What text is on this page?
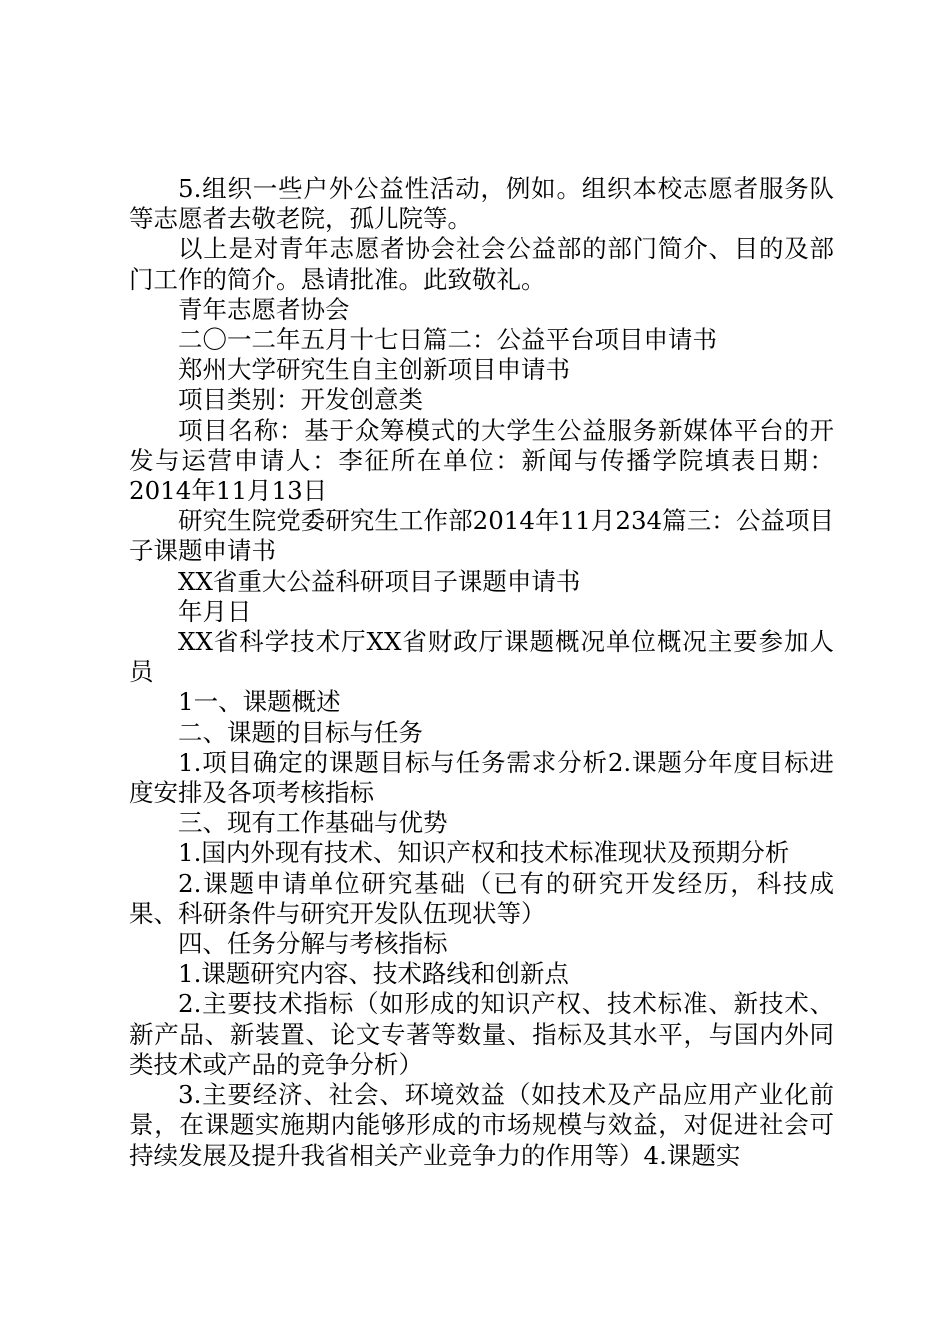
5.组织一些户外公益性活动，例如。组织本校志愿者服务队等志愿者去敬老院，孤儿院等。

以上是对青年志愿者协会社会公益部的部门简介、目的及部门工作的简介。恳请批准。此致敬礼。

青年志愿者协会

二〇一二年五月十七日篇二：公益平台项目申请书

郑州大学研究生自主创新项目申请书

项目类别：开发创意类

项目名称：基于众筹模式的大学生公益服务新媒体平台的开发与运营申请人：李征所在单位：新闻与传播学院填表日期：2014年11月13日

研究生院党委研究生工作部2014年11月234篇三：公益项目子课题申请书

XX省重大公益科研项目子课题申请书

年月日

XX省科学技术厅XX省财政厅课题概况单位概况主要参加人员

1一、课题概述

二、课题的目标与任务

1.项目确定的课题目标与任务需求分析2.课题分年度目标进度安排及各项考核指标

三、现有工作基础与优势

1.国内外现有技术、知识产权和技术标准现状及预期分析

2.课题申请单位研究基础（已有的研究开发经历，科技成果、科研条件与研究开发队伍现状等）

四、任务分解与考核指标

1.课题研究内容、技术路线和创新点

2.主要技术指标（如形成的知识产权、技术标准、新技术、新产品、新装置、论文专著等数量、指标及其水平，与国内外同类技术或产品的竞争分析）

3.主要经济、社会、环境效益（如技术及产品应用产业化前景，在课题实施期内能够形成的市场规模与效益，对促进社会可持续发展及提升我省相关产业竞争力的作用等）4.课题实
